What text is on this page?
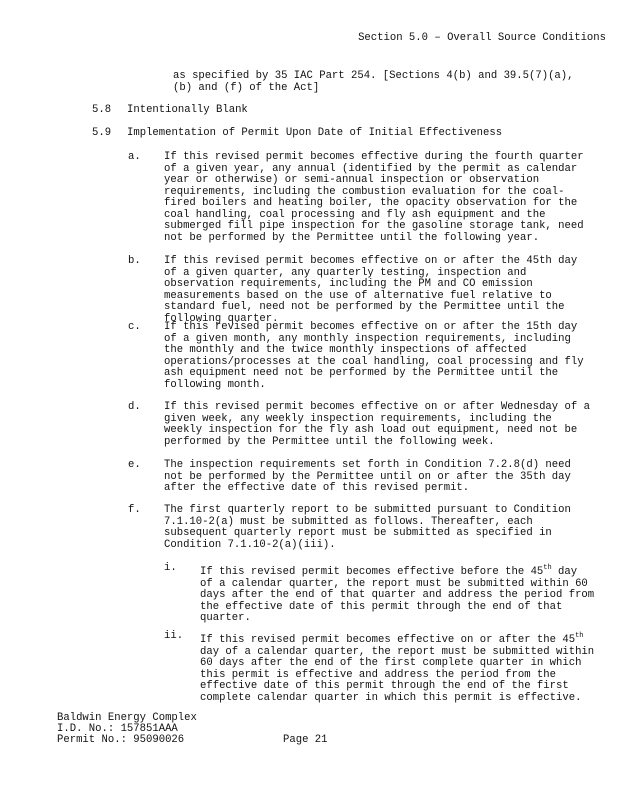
Section 5.0 – Overall Source Conditions
as specified by 35 IAC Part 254. [Sections 4(b) and 39.5(7)(a), (b) and (f) of the Act]
5.8 Intentionally Blank
5.9 Implementation of Permit Upon Date of Initial Effectiveness
a. If this revised permit becomes effective during the fourth quarter of a given year, any annual (identified by the permit as calendar year or otherwise) or semi-annual inspection or observation requirements, including the combustion evaluation for the coal-fired boilers and heating boiler, the opacity observation for the coal handling, coal processing and fly ash equipment and the submerged fill pipe inspection for the gasoline storage tank, need not be performed by the Permittee until the following year.
b. If this revised permit becomes effective on or after the 45th day of a given quarter, any quarterly testing, inspection and observation requirements, including the PM and CO emission measurements based on the use of alternative fuel relative to standard fuel, need not be performed by the Permittee until the following quarter.
c. If this revised permit becomes effective on or after the 15th day of a given month, any monthly inspection requirements, including the monthly and the twice monthly inspections of affected operations/processes at the coal handling, coal processing and fly ash equipment need not be performed by the Permittee until the following month.
d. If this revised permit becomes effective on or after Wednesday of a given week, any weekly inspection requirements, including the weekly inspection for the fly ash load out equipment, need not be performed by the Permittee until the following week.
e. The inspection requirements set forth in Condition 7.2.8(d) need not be performed by the Permittee until on or after the 35th day after the effective date of this revised permit.
f. The first quarterly report to be submitted pursuant to Condition 7.1.10-2(a) must be submitted as follows. Thereafter, each subsequent quarterly report must be submitted as specified in Condition 7.1.10-2(a)(iii).
i. If this revised permit becomes effective before the 45th day of a calendar quarter, the report must be submitted within 60 days after the end of that quarter and address the period from the effective date of this permit through the end of that quarter.
ii. If this revised permit becomes effective on or after the 45th day of a calendar quarter, the report must be submitted within 60 days after the end of the first complete quarter in which this permit is effective and address the period from the effective date of this permit through the end of the first complete calendar quarter in which this permit is effective.
Baldwin Energy Complex
I.D. No.: 157851AAA
Permit No.: 95090026	Page 21
